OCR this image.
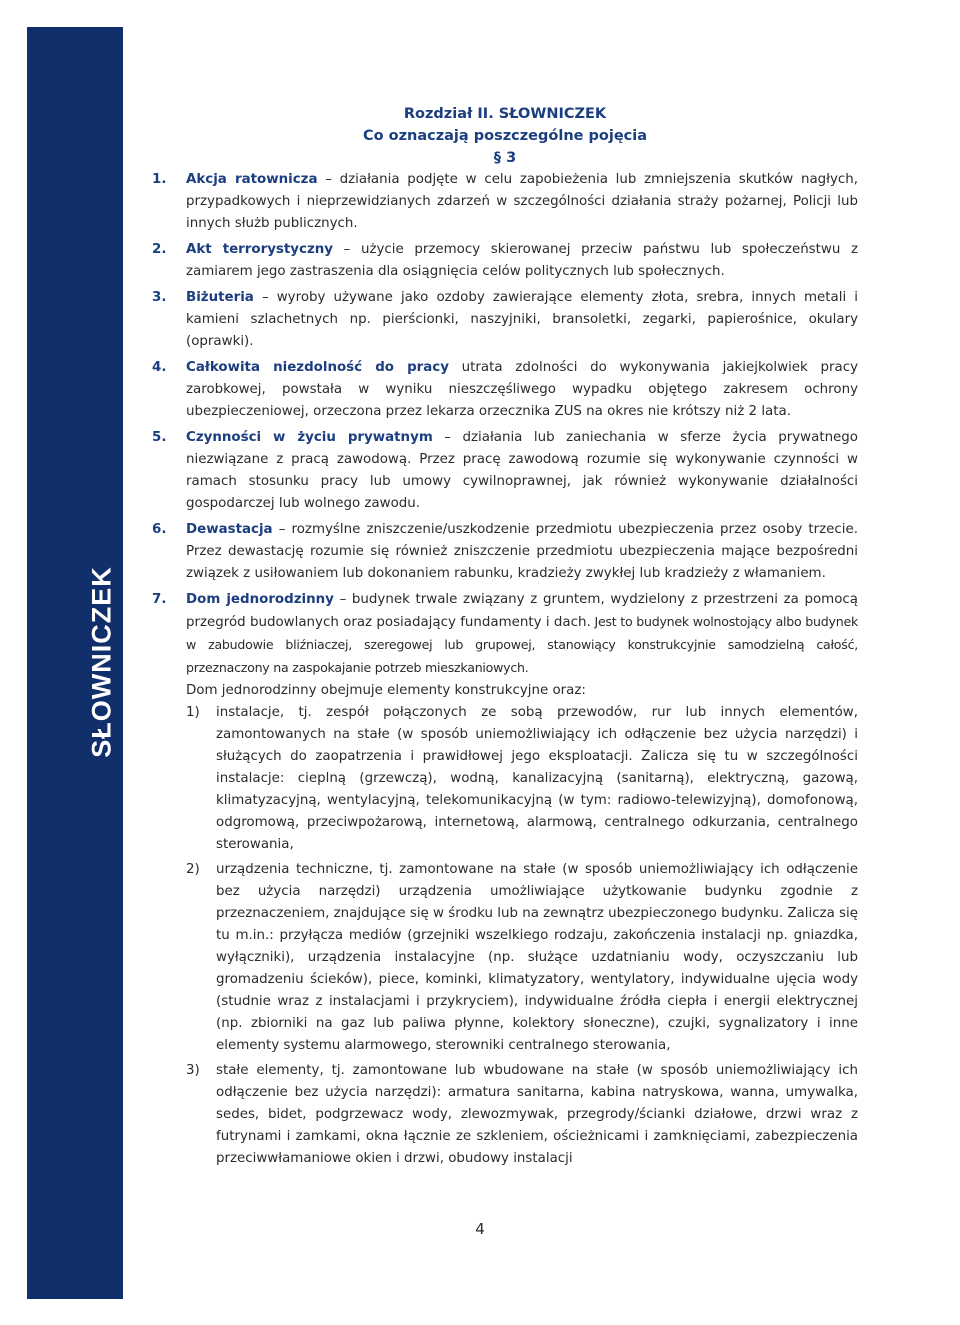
SŁOWNICZEK
Rozdział II. SŁOWNICZEK
Co oznaczają poszczególne pojęcia
§ 3
1.	Akcja ratownicza – działania podjęte w celu zapobieżenia lub zmniejszenia skutków nagłych, przypadkowych i nieprzewidzianych zdarzeń w szczególności działania straży pożarnej, Policji lub innych służb publicznych.
2.	Akt terrorystyczny – użycie przemocy skierowanej przeciw państwu lub społeczeństwu z zamiarem jego zastraszenia dla osiągnięcia celów politycznych lub społecznych.
3.	Biżuteria – wyroby używane jako ozdoby zawierające elementy złota, srebra, innych metali i kamieni szlachetnych np. pierścionki, naszyjniki, bransoletki, zegarki, papierośnice, okulary (oprawki).
4.	Całkowita niezdolność do pracy utrata zdolności do wykonywania jakiejkolwiek pracy zarobkowej, powstała w wyniku nieszczęśliwego wypadku objętego zakresem ochrony ubezpieczeniowej, orzeczona przez lekarza orzecznika ZUS na okres nie krótszy niż 2 lata.
5.	Czynności w życiu prywatnym – działania lub zaniechania w sferze życia prywatnego niezwiązane z pracą zawodową. Przez pracę zawodową rozumie się wykonywanie czynności w ramach stosunku pracy lub umowy cywilnoprawnej, jak również wykonywanie działalności gospodarczej lub wolnego zawodu.
6.	Dewastacja – rozmyślne zniszczenie/uszkodzenie przedmiotu ubezpieczenia przez osoby trzecie. Przez dewastację rozumie się również zniszczenie przedmiotu ubezpieczenia mające bezpośredni związek z usiłowaniem lub dokonaniem rabunku, kradzieży zwykłej lub kradzieży z włamaniem.
7.	Dom jednorodzinny – budynek trwale związany z gruntem, wydzielony z przestrzeni za pomocą przegród budowlanych oraz posiadający fundamenty i dach. Jest to budynek wolnostojący albo budynek w zabudowie bliźniaczej, szeregowej lub grupowej, stanowiący konstrukcyjnie samodzielną całość, przeznaczony na zaspokajanie potrzeb mieszkaniowych.
Dom jednorodzinny obejmuje elementy konstrukcyjne oraz:
1)	instalacje, tj. zespół połączonych ze sobą przewodów, rur lub innych elementów, zamontowanych na stałe (w sposób uniemożliwiający ich odłączenie bez użycia narzędzi) i służących do zaopatrzenia i prawidłowej jego eksploatacji. Zalicza się tu w szczególności instalacje: cieplną (grzewczą), wodną, kanalizacyjną (sanitarną), elektryczną, gazową, klimatyzacyjną, wentylacyjną, telekomunikacyjną (w tym: radiowo-telewizyjną), domofonową, odgromową, przeciwpożarową, internetową, alarmową, centralnego odkurzania, centralnego sterowania,
2)	urządzenia techniczne, tj. zamontowane na stałe (w sposób uniemożliwiający ich odłączenie bez użycia narzędzi) urządzenia umożliwiające użytkowanie budynku zgodnie z przeznaczeniem, znajdujące się w środku lub na zewnątrz ubezpieczonego budynku. Zalicza się tu m.in.: przyłącza mediów (grzejniki wszelkiego rodzaju, zakończenia instalacji np. gniazdka, wyłączniki), urządzenia instalacyjne (np. służące uzdatnianiu wody, oczyszczaniu lub gromadzeniu ścieków), piece, kominki, klimatyzatory, wentylatory, indywidualne ujęcia wody (studnie wraz z instalacjami i przykryciem), indywidualne źródła ciepła i energii elektrycznej (np. zbiorniki na gaz lub paliwa płynne, kolektory słoneczne), czujki, sygnalizatory i inne elementy systemu alarmowego, sterowniki centralnego sterowania,
3)	stałe elementy, tj. zamontowane lub wbudowane na stałe (w sposób uniemożliwiający ich odłączenie bez użycia narzędzi): armatura sanitarna, kabina natryskowa, wanna, umywalka, sedes, bidet, podgrzewacz wody, zlewozmywak, przegrody/ścianki działowe, drzwi wraz z futrynami i zamkami, okna łącznie ze szkleniem, ościeżnicami i zamknięciami, zabezpieczenia przeciwwłamaniowe okien i drzwi, obudowy instalacji
4
